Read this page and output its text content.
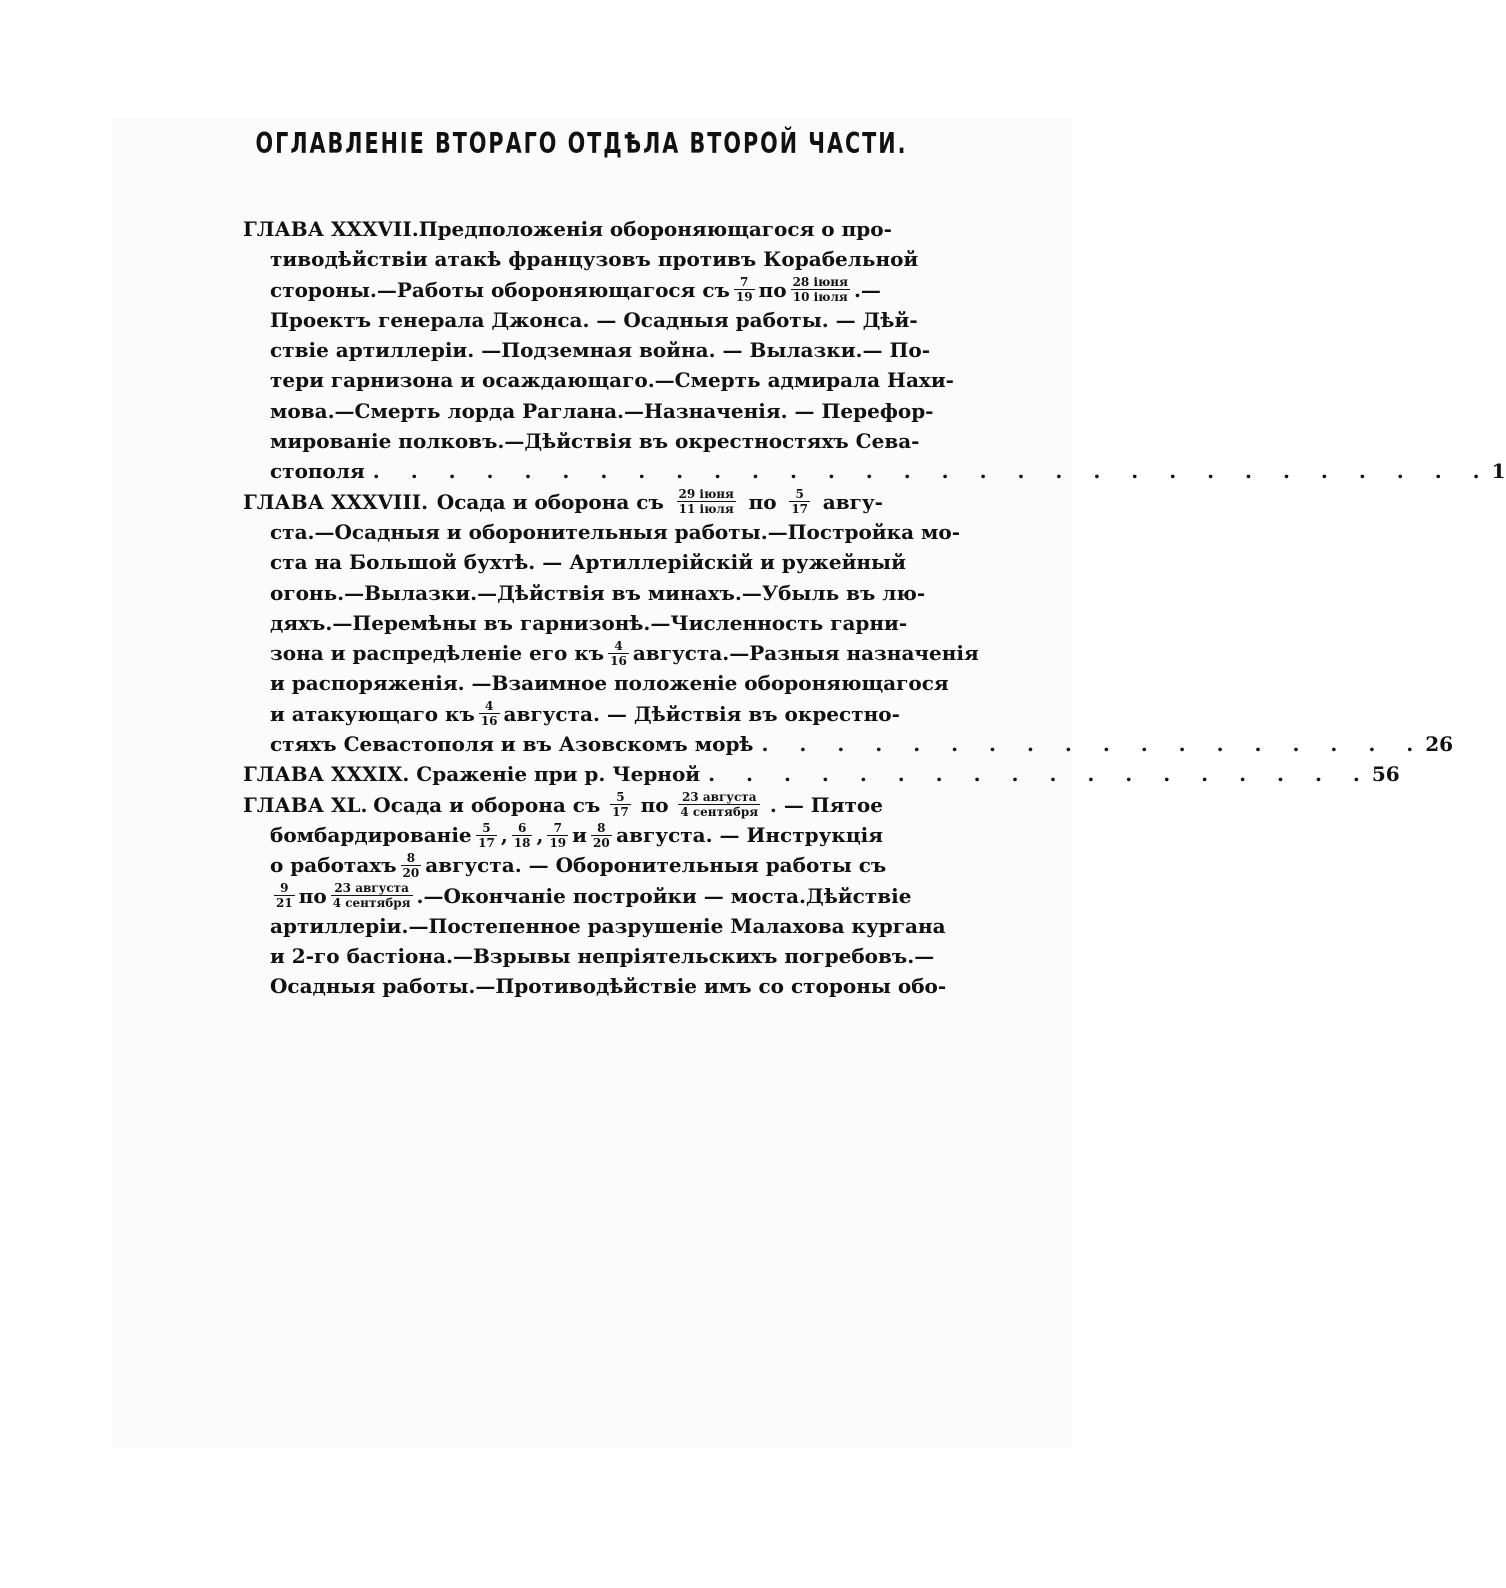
ОГЛАВЛЕНІЕ ВТОРАГО ОТДѢЛА ВТОРОЙ ЧАСТИ.
ГЛАВА XXXVII. Предположенія обороняющагося о про-
тиводѣйствіи атакѣ французовъ противъ Корабельной
стороны.—Работы обороняющагося съ $\frac{7}{19}$ по $\frac{\text{28 іюня}}{\text{10 іюля}}$ .—
Проектъ генерала Джонса. — Осадныя работы. — Дѣй-
ствіе артиллеріи. —Подземная война. — Вылазки.— По-
тери гарнизона и осаждающаго.—Смерть адмирала Нахи-
мова.—Смерть лорда Раглана.—Назначенія. — Перефор-
мированіе полковъ.—Дѣйствія въ окрестностяхъ Сева-
стополя . . . . . . . . . . . . . . . . . . . . . . . . . . . . . . 1
ГЛАВА XXXVIII. Осада и оборона съ $\frac{\text{29 іюня}}{\text{11 іюля}}$ по $\frac{5}{17}$ авгу-
ста.—Осадныя и оборонительныя работы.—Постройка мо-
ста на Большой бухтѣ. — Артиллерійскій и ружейный
огонь.—Вылазки.—Дѣйствія въ минахъ.—Убыль въ лю-
дяхъ.—Перемѣны въ гарнизонѣ.—Численность гарни-
зона и распредѣленіе его къ $\frac{4}{16}$ августа.—Разныя назначенія
и распоряженія. —Взаимное положеніе обороняющагося
и атакующаго къ $\frac{4}{16}$ августа. — Дѣйствія въ окрестно-
стяхъ Севастополя и въ Азовскомъ морѣ . . . . . . . . . . . . . . . . . . 26
ГЛАВА XXXIX. Сраженіе при р. Черной . . . . . . . . . . . . . . . . . . 56
ГЛАВА XL. Осада и оборона съ $\frac{5}{17}$ по $\frac{\text{23 августа}}{\text{4 сентября}}$ . — Пятое
бомбардированіе $\frac{5}{17}$ , $\frac{6}{18}$ , $\frac{7}{19}$ и $\frac{8}{20}$ августа. — Инструкція
о работахъ $\frac{8}{20}$ августа. — Оборонительныя работы съ
$\frac{9}{21}$ по $\frac{\text{23 августа}}{\text{4 сентября}}$ .—Окончаніе постройки — моста.Дѣйствіе
артиллеріи.—Постепенное разрушеніе Малахова кургана
и 2-го бастіона.—Взрывы непріятельскихъ погребовъ.—
Осадныя работы.—Противодѣйствіе имъ со стороны обо-
